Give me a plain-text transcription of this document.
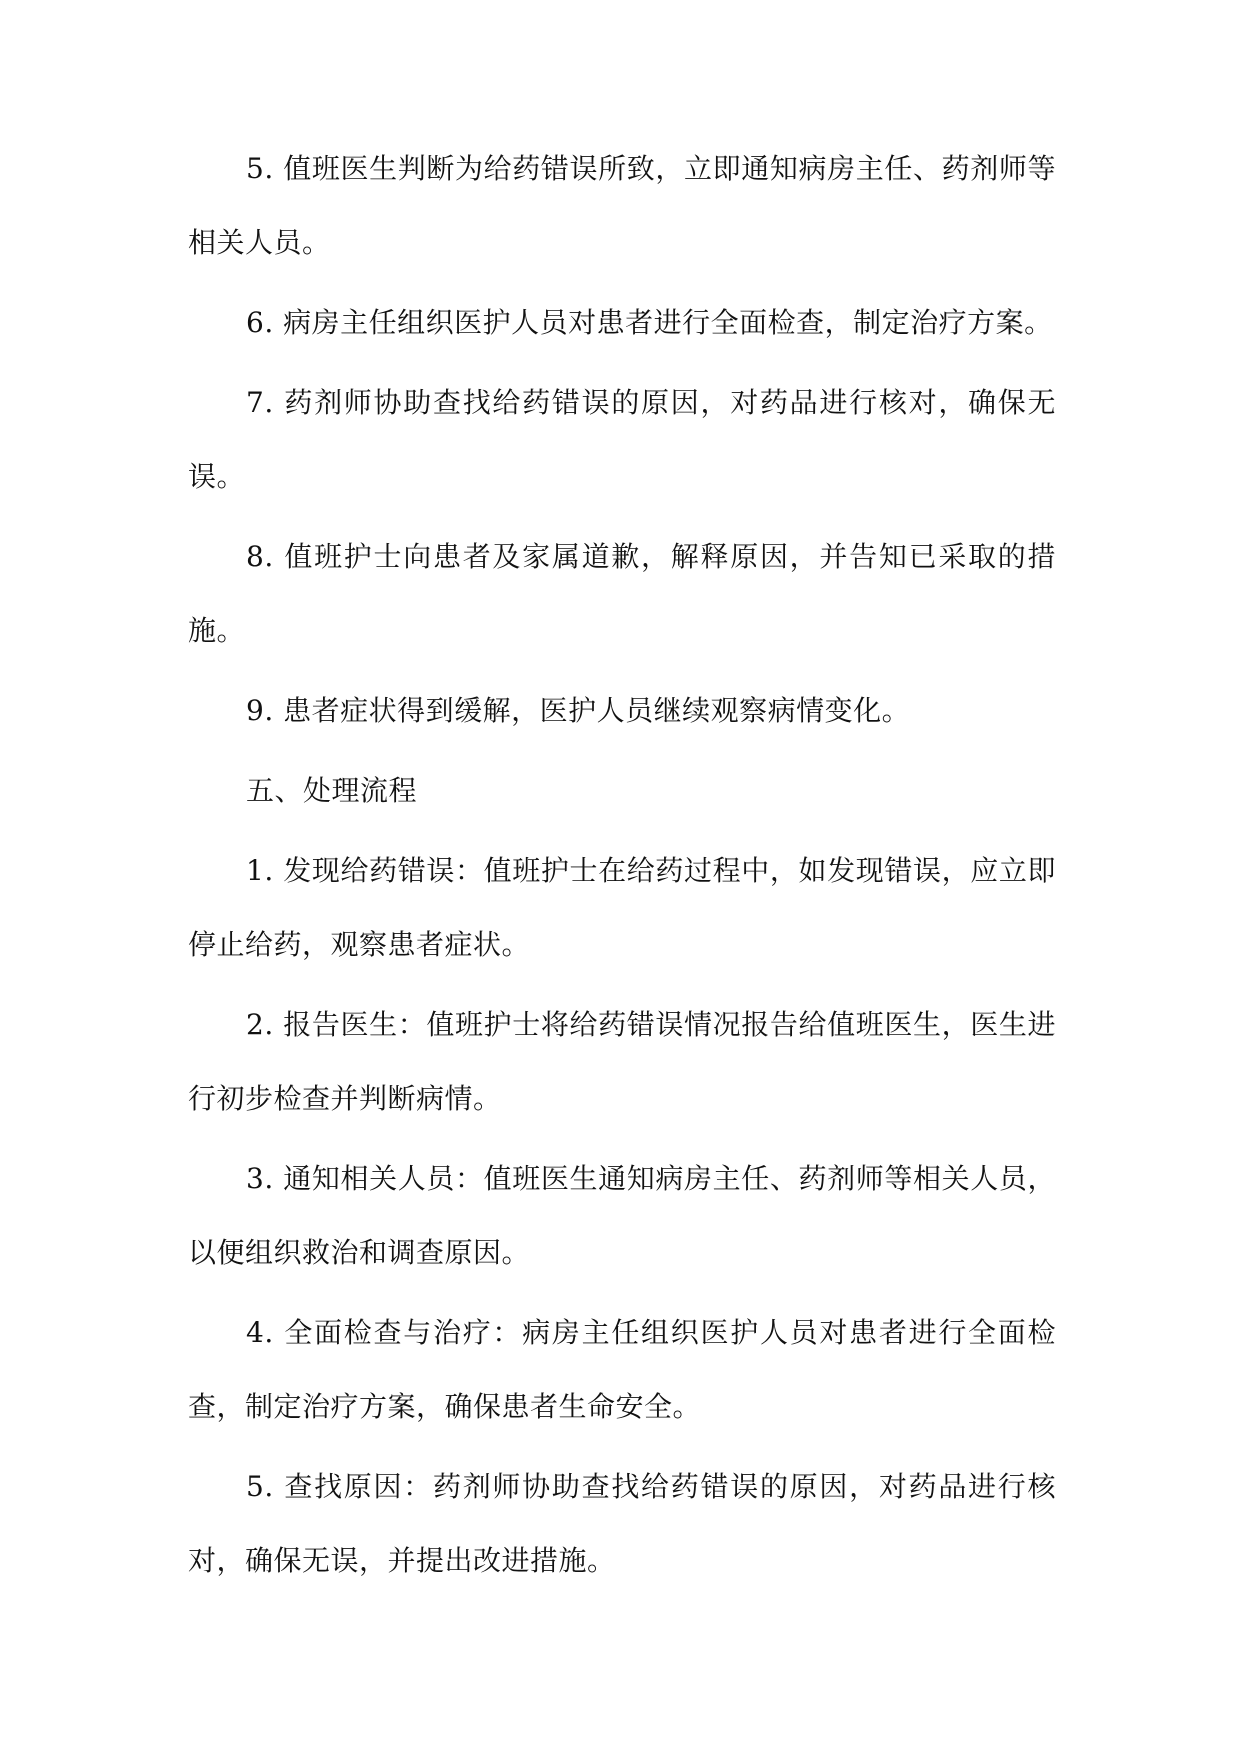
5. 值班医生判断为给药错误所致，立即通知病房主任、药剂师等相关人员。

6. 病房主任组织医护人员对患者进行全面检查，制定治疗方案。

7. 药剂师协助查找给药错误的原因，对药品进行核对，确保无误。

8. 值班护士向患者及家属道歉，解释原因，并告知已采取的措施。

9. 患者症状得到缓解，医护人员继续观察病情变化。

五、处理流程

1. 发现给药错误：值班护士在给药过程中，如发现错误，应立即停止给药，观察患者症状。

2. 报告医生：值班护士将给药错误情况报告给值班医生，医生进行初步检查并判断病情。

3. 通知相关人员：值班医生通知病房主任、药剂师等相关人员，以便组织救治和调查原因。

4. 全面检查与治疗：病房主任组织医护人员对患者进行全面检查，制定治疗方案，确保患者生命安全。

5. 查找原因：药剂师协助查找给药错误的原因，对药品进行核对，确保无误，并提出改进措施。
